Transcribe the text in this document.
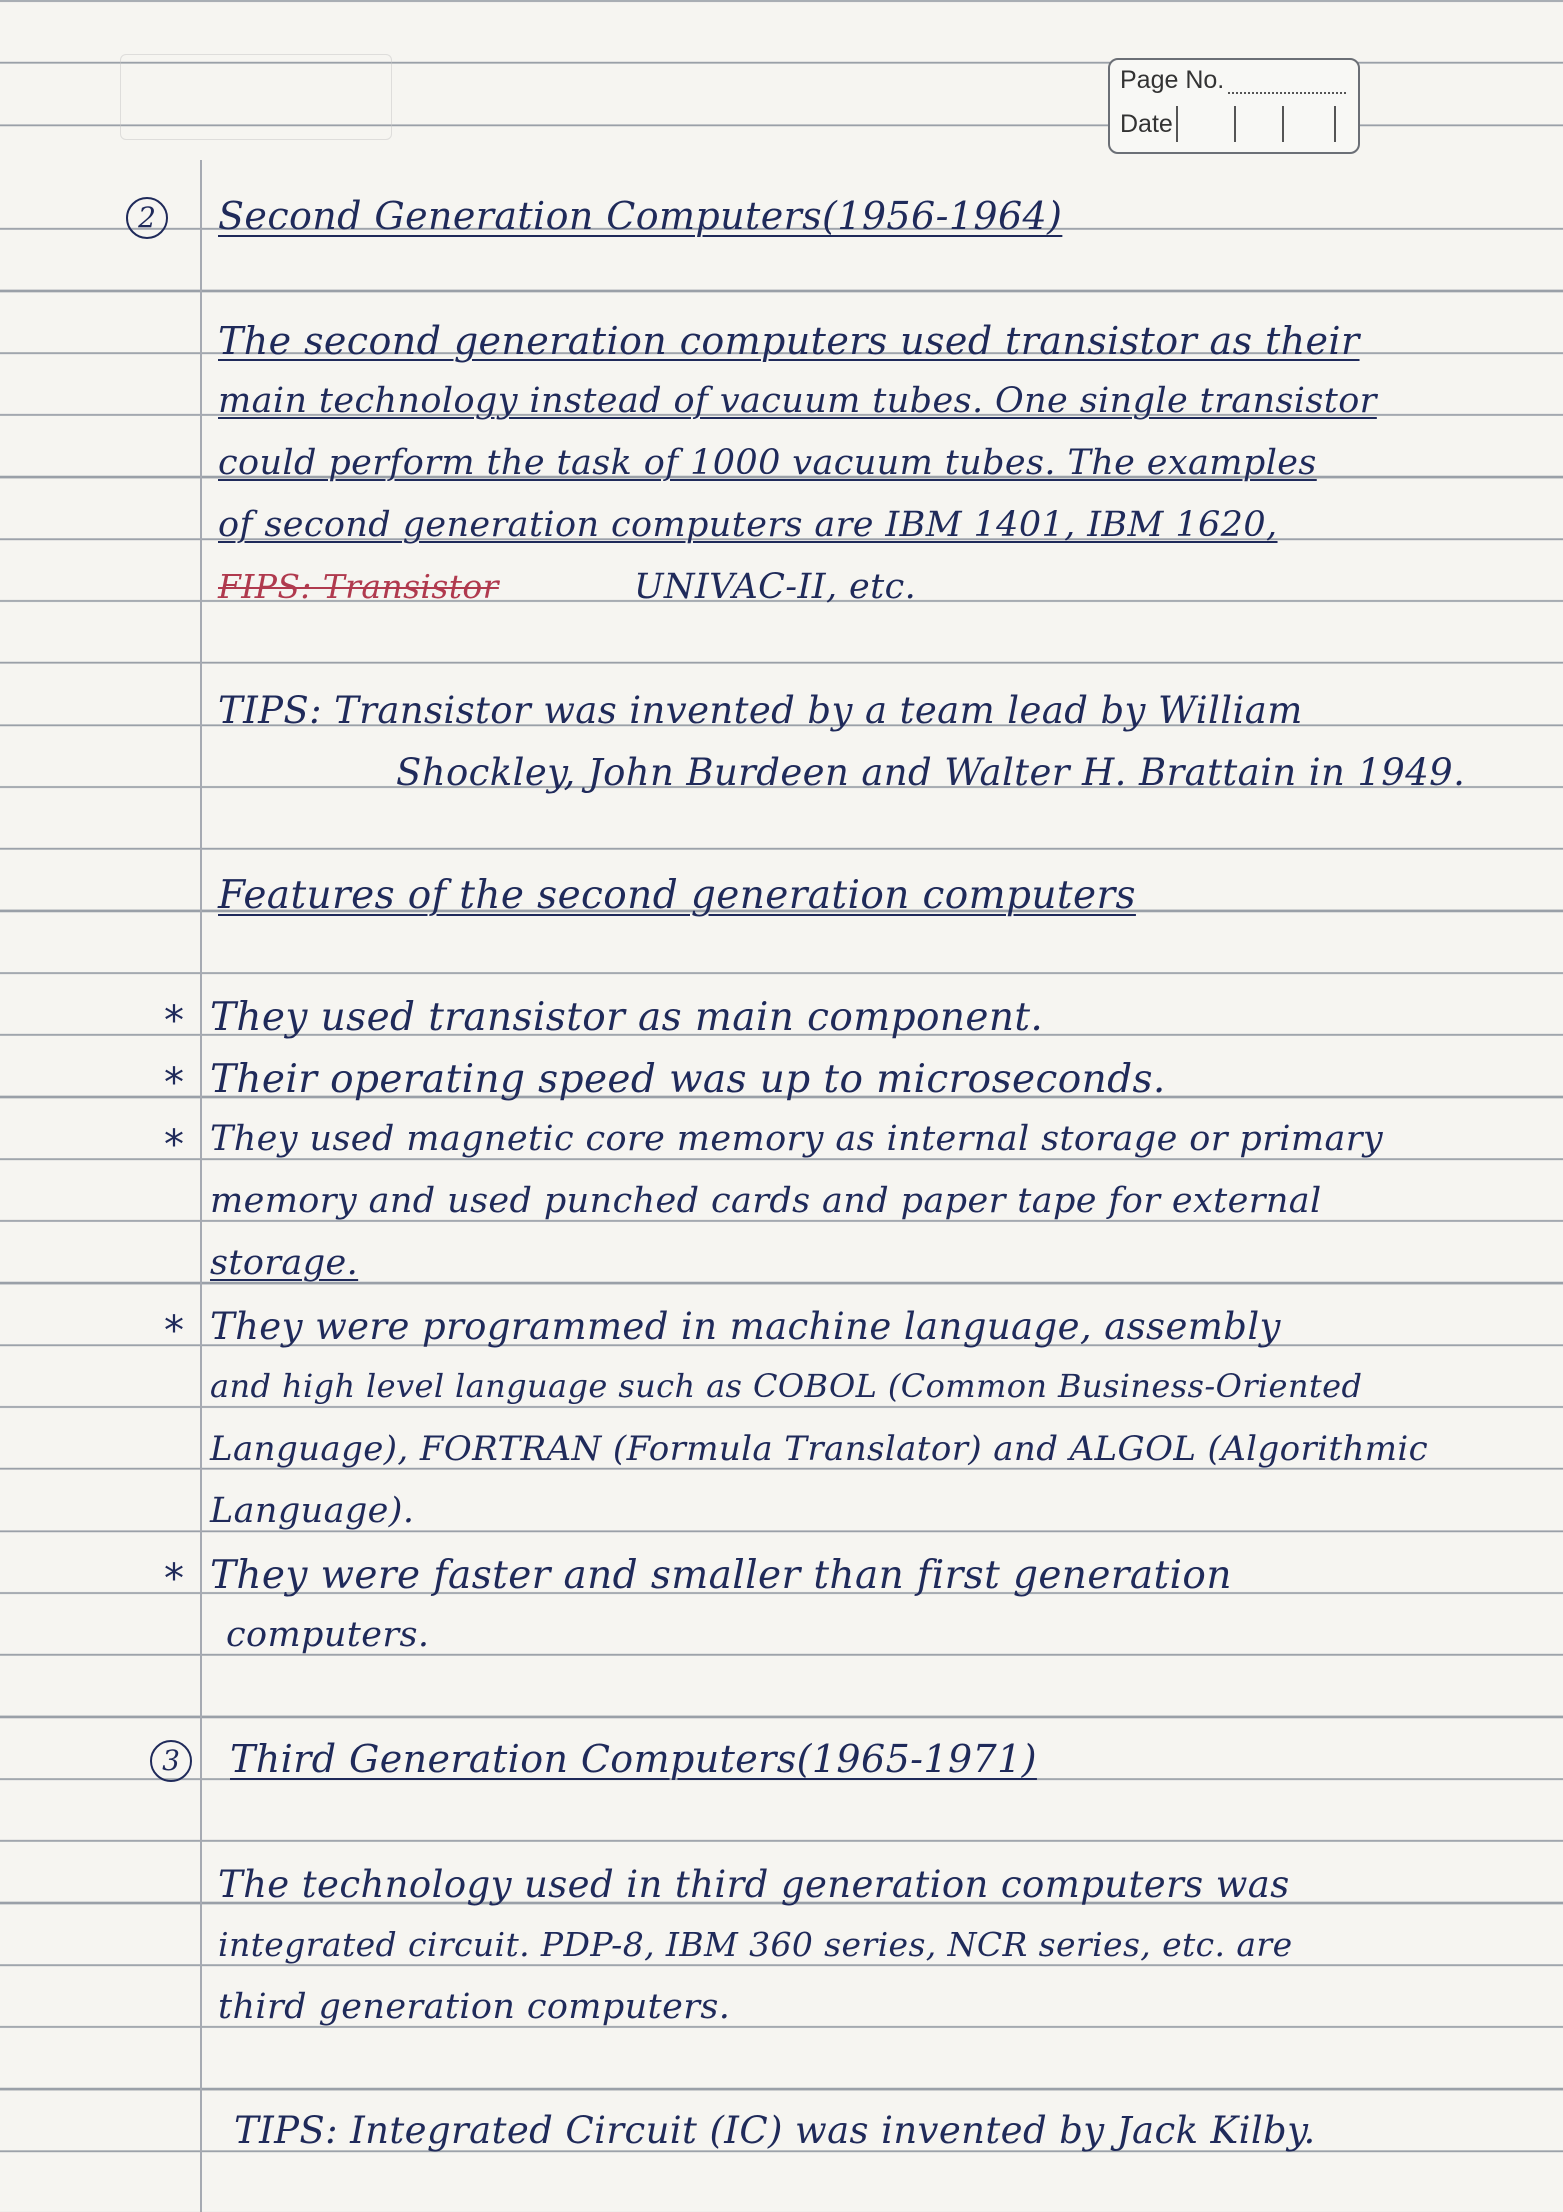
Page No.
Date
2	Second Generation Computers(1956-1964)
The second generation computers used transistor as their
main technology instead of vacuum tubes. One single transistor
could perform the task of 1000 vacuum tubes. The examples
of second generation computers are IBM 1401, IBM 1620,
FIPS: Transistor	UNIVAC-II, etc.
TIPS: Transistor was invented by a team lead by William
Shockley, John Burdeen and Walter H. Brattain in 1949.
Features of the second generation computers
* They used transistor as main component.
* Their operating speed was up to microseconds.
* They used magnetic core memory as internal storage or primary
memory and used punched cards and paper tape for external
storage.
* They were programmed in machine language, assembly
and high level language such as COBOL (Common Business-Oriented
Language), FORTRAN (Formula Translator) and ALGOL (Algorithmic
Language).
* They were faster and smaller than first generation
computers.
3	Third Generation Computers(1965-1971)
The technology used in third generation computers was
integrated circuit. PDP-8, IBM 360 series, NCR series, etc. are
third generation computers.
TIPS: Integrated Circuit (IC) was invented by Jack Kilby.
